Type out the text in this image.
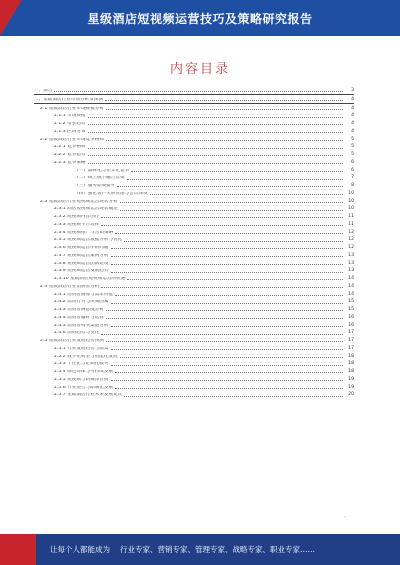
星级酒店短视频运营技巧及策略研究报告
内容目录
一、前言	3
二、星级酒店行业市场分析及预测	4
2.1 星级酒店行业市场规模分析	4
2.1.1 市场规模	4
2.1.2 增长趋势	4
2.1.3 区域分布	4
2.2 星级酒店行业市场竞争格局	5
2.2.1 竞争格局	5
2.2.2 竞争态势	5
2.2.3 竞争策略	6
（一）品牌化与差异化竞争	6
（二）线上线下融合营销	7
（三）服务品质提升	8
（四）强化客户关系管理与会员体系	10
2.3 星级酒店行业短视频运营现状分析	10
2.3.1 酒店短视频运营现状概述	10
2.3.2 短视频内容创作	11
2.3.3 短视频平台选择	11
2.3.4 短视频推广与营销策略	12
2.3.5 短视频运营数据分析与优化	12
2.3.6 短视频运营中的问题	12
2.3.7 短视频运营案例分析	13
2.3.8 短视频运营团队建设	13
2.3.9 短视频运营发展趋势	13
2.3.10 星级酒店短视频运营的机遇	14
2.4 星级酒店行业消费者分析	14
2.4.1 消费者画像与需求特征	14
2.4.2 消费行为与决策因素	15
2.4.3 消费者满意度分析	15
2.4.4 消费者偏好与选择	16
2.4.5 消费者购买渠道分析	16
2.4.6 消费趋势与变化	17
2.5 星级酒店行业发展趋势预测	17
2.5.1 行业发展趋势与前景	17
2.5.2 数字化转型与智能化发展	18
2.5.3 个性化与定制化服务	18
2.5.4 绿色环保与可持续发展	18
2.5.5 短视频与新媒体营销	19
2.5.6 行业整合与品牌化发展	19
2.5.7 星级酒店行业未来发展建议	20
-
让每个人都能成为 行业专家、营销专家、管理专家、战略专家、职业专家……
